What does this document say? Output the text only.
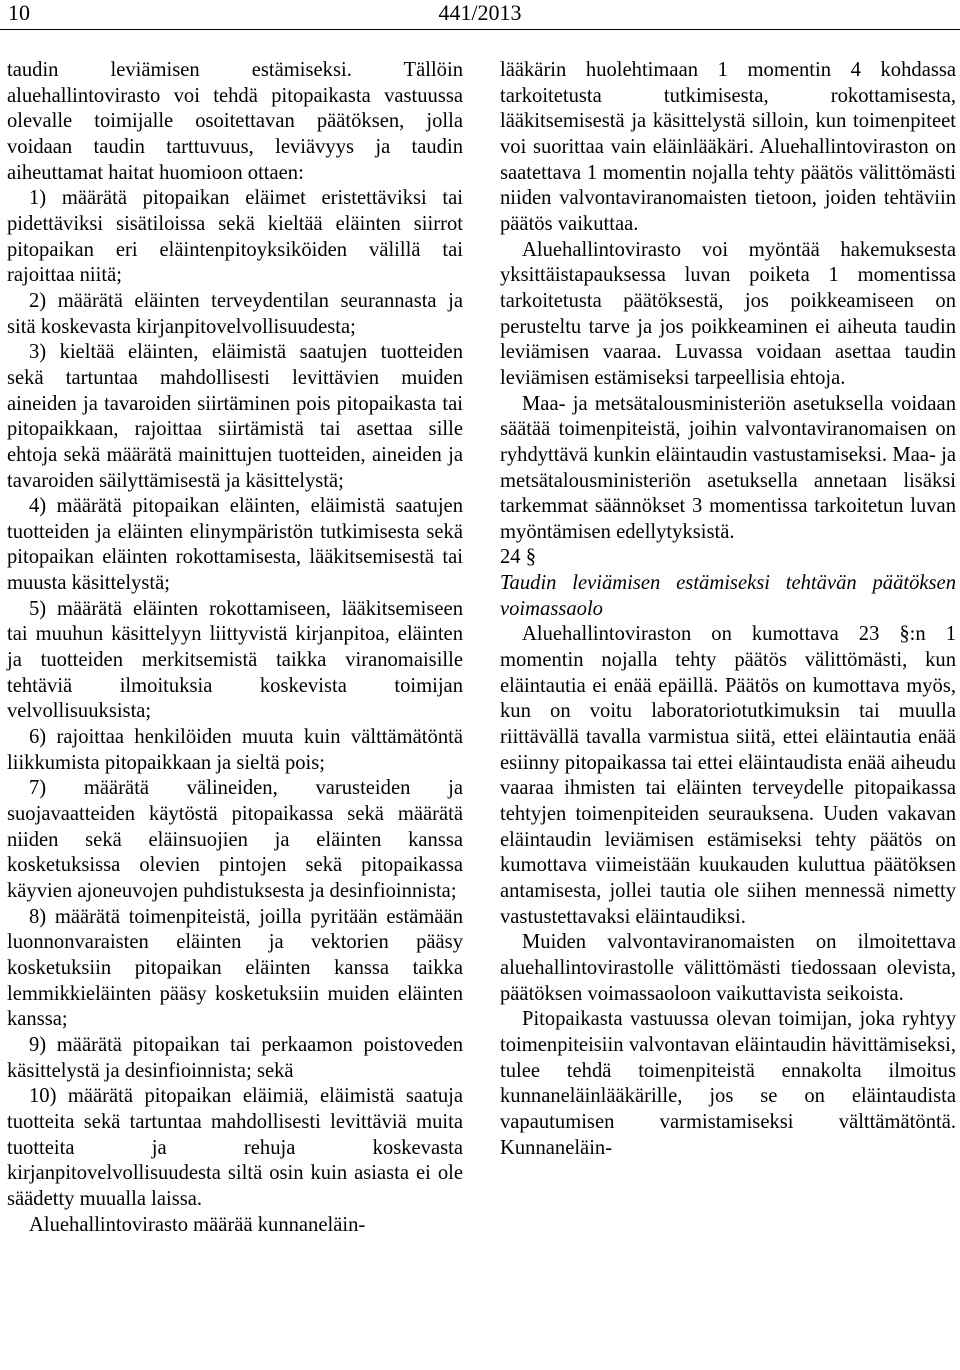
10	441/2013

taudin leviämisen estämiseksi. Tällöin aluehallintovirasto voi tehdä pitopaikasta vastuussa olevalle toimijalle osoitettavan päätöksen, jolla voidaan taudin tarttuvuus, leviävyys ja taudin aiheuttamat haitat huomioon ottaen:

1) määrätä pitopaikan eläimet eristettäviksi tai pidettäviksi sisätiloissa sekä kieltää eläinten siirrot pitopaikan eri eläintenpitoyksiköiden välillä tai rajoittaa niitä;

2) määrätä eläinten terveydentilan seurannasta ja sitä koskevasta kirjanpitovelvollisuudesta;

3) kieltää eläinten, eläimistä saatujen tuotteiden sekä tartuntaa mahdollisesti levittävien muiden aineiden ja tavaroiden siirtäminen pois pitopaikasta tai pitopaikkaan, rajoittaa siirtämistä tai asettaa sille ehtoja sekä määrätä mainittujen tuotteiden, aineiden ja tavaroiden säilyttämisestä ja käsittelystä;

4) määrätä pitopaikan eläinten, eläimistä saatujen tuotteiden ja eläinten elinympäristön tutkimisesta sekä pitopaikan eläinten rokottamisesta, lääkitsemisestä tai muusta käsittelystä;

5) määrätä eläinten rokottamiseen, lääkitsemiseen tai muuhun käsittelyyn liittyvistä kirjanpitoa, eläinten ja tuotteiden merkitsemistä taikka viranomaisille tehtäviä ilmoituksia koskevista toimijan velvollisuuksista;

6) rajoittaa henkilöiden muuta kuin välttämätöntä liikkumista pitopaikkaan ja sieltä pois;

7) määrätä välineiden, varusteiden ja suojavaatteiden käytöstä pitopaikassa sekä määrätä niiden sekä eläinsuojien ja eläinten kanssa kosketuksissa olevien pintojen sekä pitopaikassa käyvien ajoneuvojen puhdistuksesta ja desinfioinnista;

8) määrätä toimenpiteistä, joilla pyritään estämään luonnonvaraisten eläinten ja vektorien pääsy kosketuksiin pitopaikan eläinten kanssa taikka lemmikkieläinten pääsy kosketuksiin muiden eläinten kanssa;

9) määrätä pitopaikan tai perkaamon poistoveden käsittelystä ja desinfioinnista; sekä

10) määrätä pitopaikan eläimiä, eläimistä saatuja tuotteita sekä tartuntaa mahdollisesti levittäviä muita tuotteita ja rehuja koskevasta kirjanpitovelvollisuudesta siltä osin kuin asiasta ei ole säädetty muualla laissa.

Aluehallintovirasto määrää kunnaneläin-

lääkärin huolehtimaan 1 momentin 4 kohdassa tarkoitetusta tutkimisesta, rokottamisesta, lääkitsemisestä ja käsittelystä silloin, kun toimenpiteet voi suorittaa vain eläinlääkäri. Aluehallintoviraston on saatettava 1 momentin nojalla tehty päätös välittömästi niiden valvontaviranomaisten tietoon, joiden tehtäviin päätös vaikuttaa.

Aluehallintovirasto voi myöntää hakemuksesta yksittäistapauksessa luvan poiketa 1 momentissa tarkoitetusta päätöksestä, jos poikkeamiseen on perusteltu tarve ja jos poikkeaminen ei aiheuta taudin leviämisen vaaraa. Luvassa voidaan asettaa taudin leviämisen estämiseksi tarpeellisia ehtoja.

Maa- ja metsätalousministeriön asetuksella voidaan säätää toimenpiteistä, joihin valvontaviranomaisen on ryhdyttävä kunkin eläintaudin vastustamiseksi. Maa- ja metsätalousministeriön asetuksella annetaan lisäksi tarkemmat säännökset 3 momentissa tarkoitetun luvan myöntämisen edellytyksistä.

24 §

Taudin leviämisen estämiseksi tehtävän päätöksen voimassaolo

Aluehallintoviraston on kumottava 23 §:n 1 momentin nojalla tehty päätös välittömästi, kun eläintautia ei enää epäillä. Päätös on kumottava myös, kun on voitu laboratoriotutkimuksin tai muulla riittävällä tavalla varmistua siitä, ettei eläintautia enää esiinny pitopaikassa tai ettei eläintaudista enää aiheudu vaaraa ihmisten tai eläinten terveydelle pitopaikassa tehtyjen toimenpiteiden seurauksena. Uuden vakavan eläintaudin leviämisen estämiseksi tehty päätös on kumottava viimeistään kuukauden kuluttua päätöksen antamisesta, jollei tautia ole siihen mennessä nimetty vastustettavaksi eläintaudiksi.

Muiden valvontaviranomaisten on ilmoitettava aluehallintovirastolle välittömästi tiedossaan olevista, päätöksen voimassaoloon vaikuttavista seikoista.

Pitopaikasta vastuussa olevan toimijan, joka ryhtyy toimenpiteisiin valvontavan eläintaudin hävittämiseksi, tulee tehdä toimenpiteistä ennakolta ilmoitus kunnaneläinlääkärille, jos se on eläintaudista vapautumisen varmistamiseksi välttämätöntä. Kunnaneläin-
